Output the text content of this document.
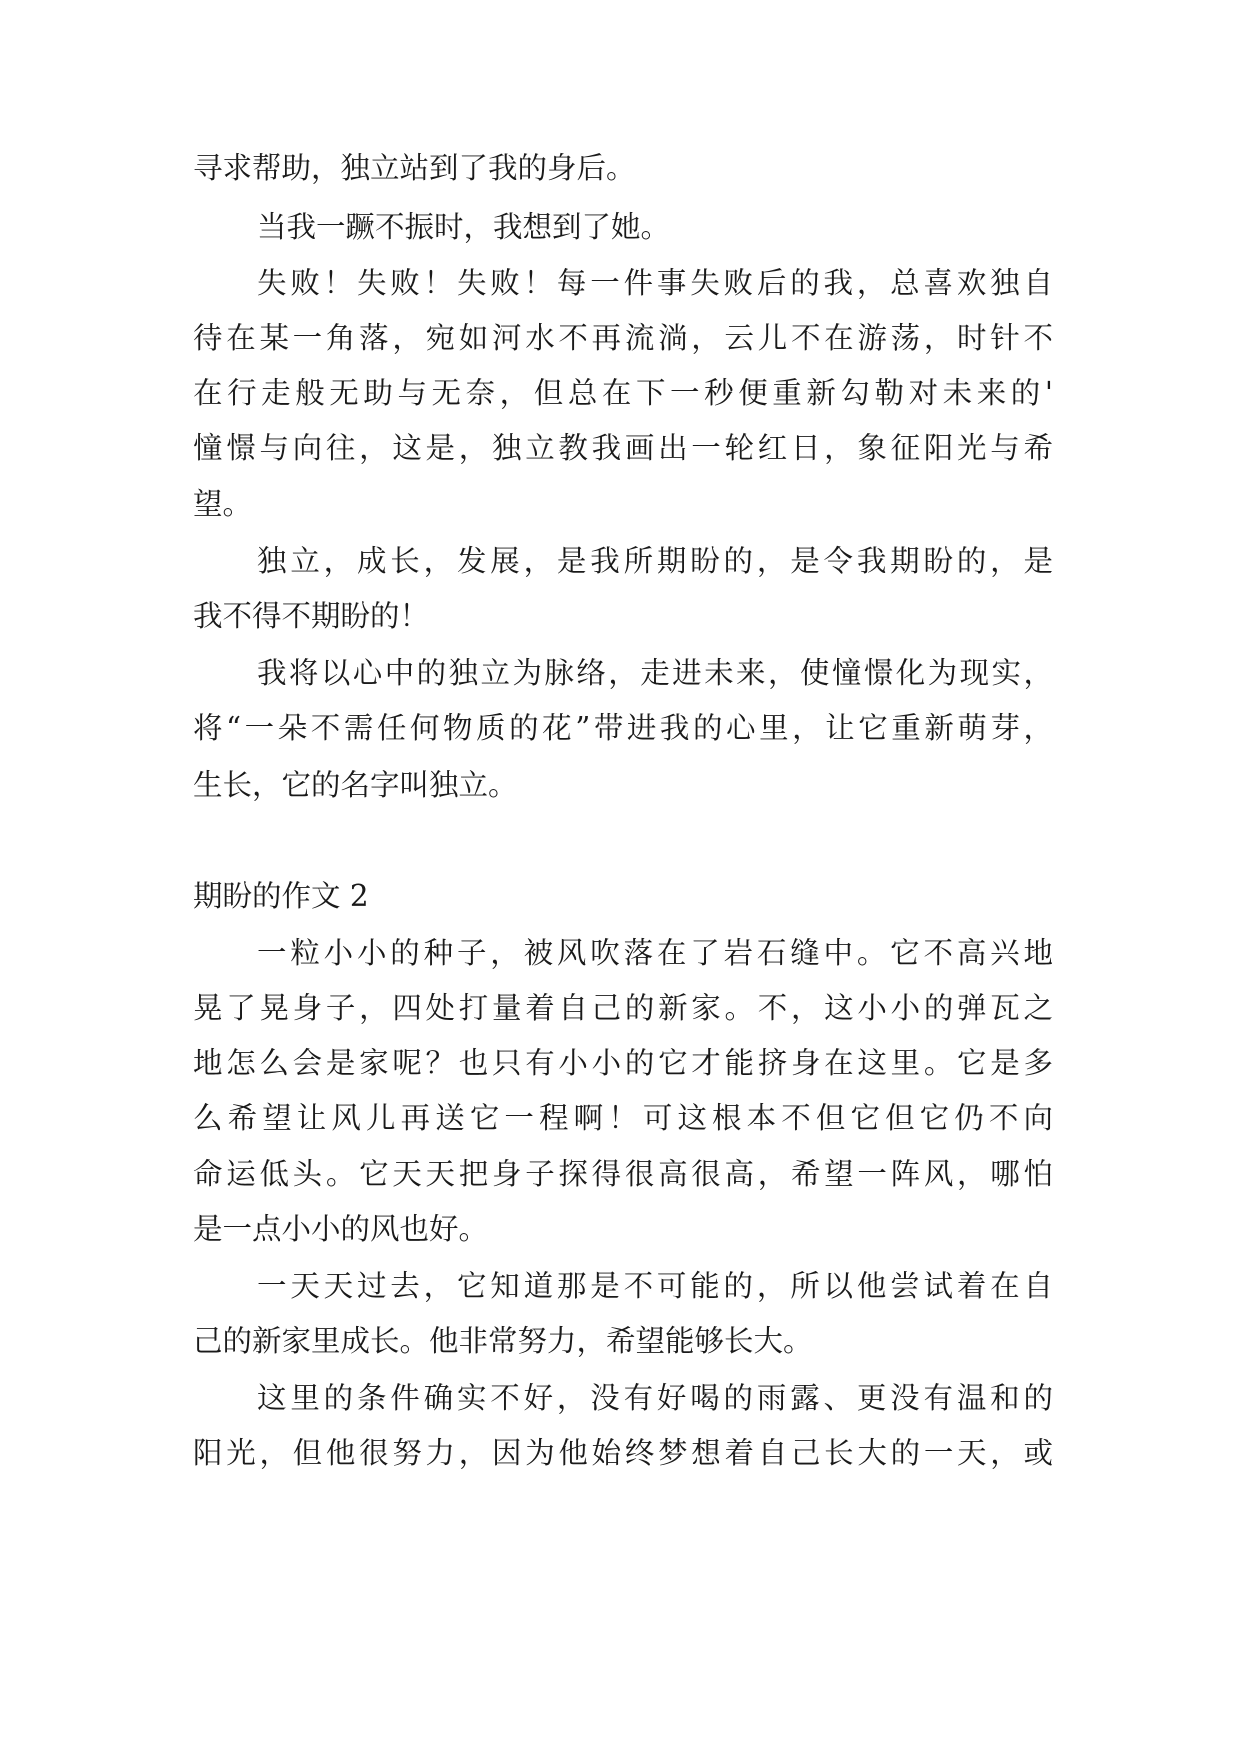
寻求帮助，独立站到了我的身后。
当我一蹶不振时，我想到了她。
失败！失败！失败！每一件事失败后的我，总喜欢独自
待在某一角落，宛如河水不再流淌，云儿不在游荡，时针不
在行走般无助与无奈，但总在下一秒便重新勾勒对未来的'
憧憬与向往，这是，独立教我画出一轮红日，象征阳光与希
望。
独立，成长，发展，是我所期盼的，是令我期盼的，是
我不得不期盼的！
我将以心中的独立为脉络，走进未来，使憧憬化为现实，
将“一朵不需任何物质的花”带进我的心里，让它重新萌芽，
生长，它的名字叫独立。
期盼的作文 2
一粒小小的种子，被风吹落在了岩石缝中。它不高兴地
晃了晃身子，四处打量着自己的新家。不，这小小的弹瓦之
地怎么会是家呢？也只有小小的它才能挤身在这里。它是多
么希望让风儿再送它一程啊！可这根本不但它但它仍不向
命运低头。它天天把身子探得很高很高，希望一阵风，哪怕
是一点小小的风也好。
一天天过去，它知道那是不可能的，所以他尝试着在自
己的新家里成长。他非常努力，希望能够长大。
这里的条件确实不好，没有好喝的雨露、更没有温和的
阳光，但他很努力，因为他始终梦想着自己长大的一天，或
